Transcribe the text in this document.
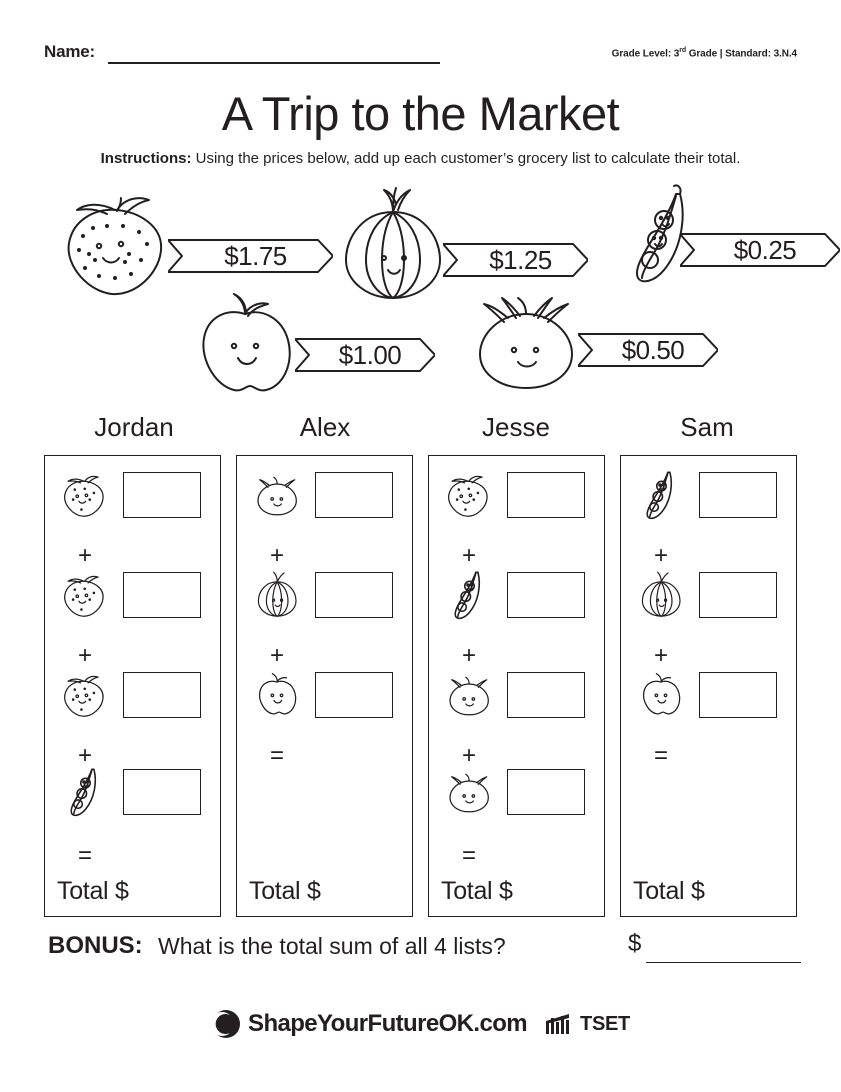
Name:	Grade Level: 3rd Grade | Standard: 3.N.4
A Trip to the Market
Instructions: Using the prices below, add up each customer’s grocery list to calculate their total.
$1.75	$1.25	$0.25
$1.00	$0.50
Jordan	Alex	Jesse	Sam
+
+
+
=
Total $
+
+
=
Total $
+
+
+
=
Total $
+
+
=
Total $
BONUS: What is the total sum of all 4 lists?	$
ShapeYourFutureOK.com	TSET
